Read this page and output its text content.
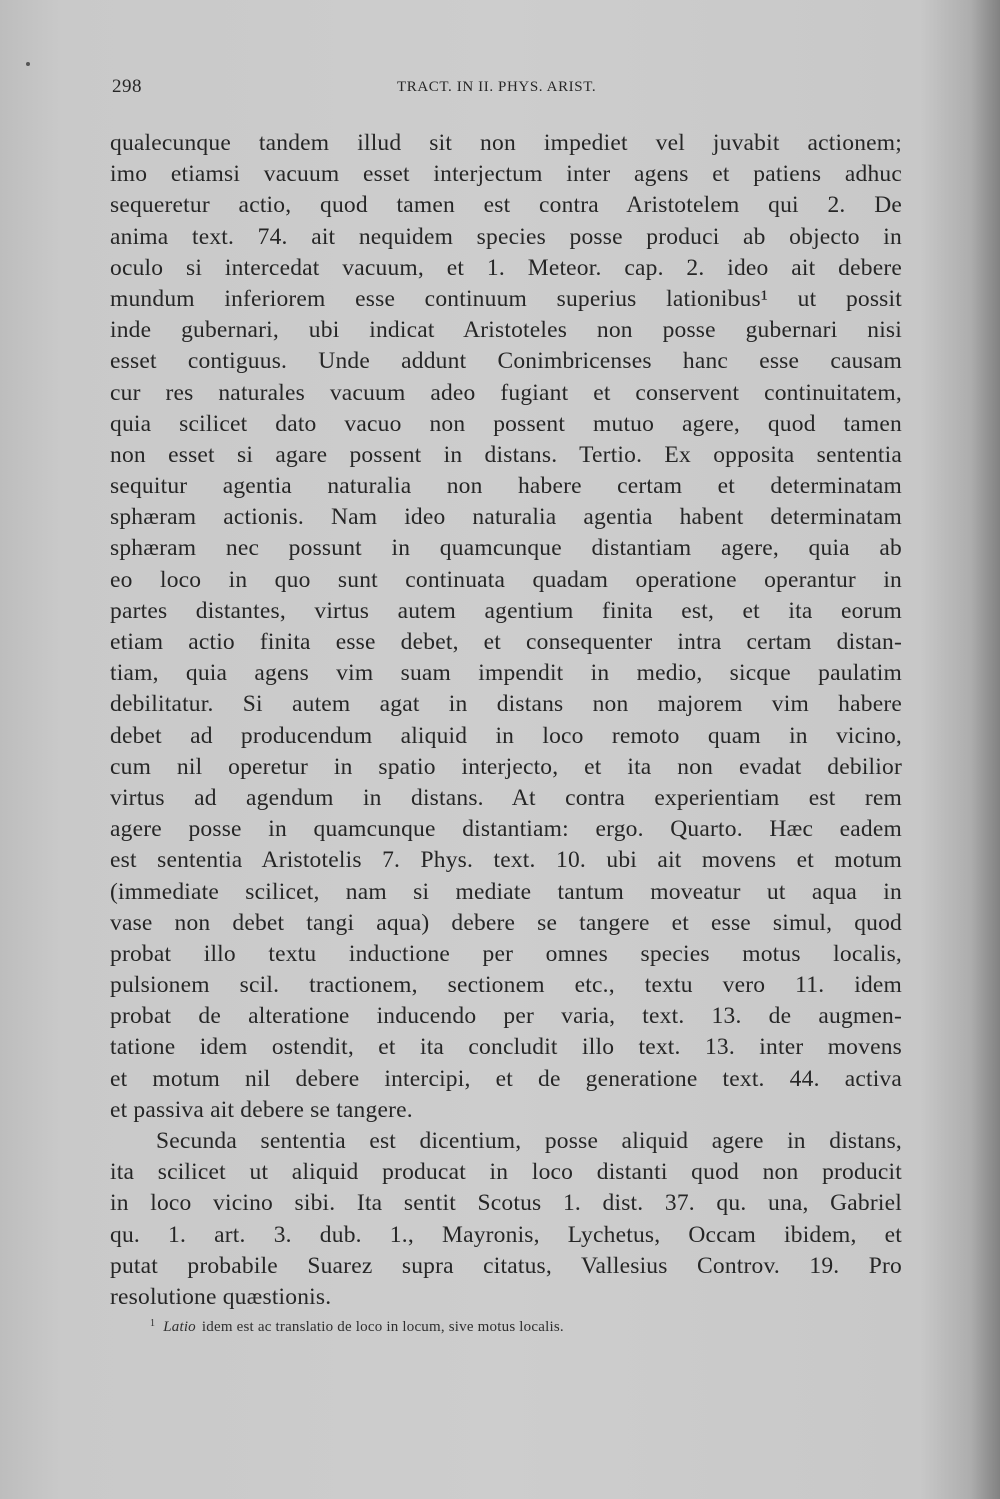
298	TRACT. IN II. PHYS. ARIST.
qualecunque tandem illud sit non impediet vel juvabit actionem;
imo etiamsi vacuum esset interjectum inter agens et patiens adhuc
sequeretur actio, quod tamen est contra Aristotelem qui 2. De
anima text. 74. ait nequidem species posse produci ab objecto in
oculo si intercedat vacuum, et 1. Meteor. cap. 2. ideo ait debere
mundum inferiorem esse continuum superius lationibus¹ ut possit
inde gubernari, ubi indicat Aristoteles non posse gubernari nisi
esset contiguus. Unde addunt Conimbricenses hanc esse causam
cur res naturales vacuum adeo fugiant et conservent continuitatem,
quia scilicet dato vacuo non possent mutuo agere, quod tamen
non esset si agare possent in distans. Tertio. Ex opposita sententia
sequitur agentia naturalia non habere certam et determinatam
sphæram actionis. Nam ideo naturalia agentia habent determinatam
sphæram nec possunt in quamcunque distantiam agere, quia ab
eo loco in quo sunt continuata quadam operatione operantur in
partes distantes, virtus autem agentium finita est, et ita eorum
etiam actio finita esse debet, et consequenter intra certam distan-
tiam, quia agens vim suam impendit in medio, sicque paulatim
debilitatur. Si autem agat in distans non majorem vim habere
debet ad producendum aliquid in loco remoto quam in vicino,
cum nil operetur in spatio interjecto, et ita non evadat debilior
virtus ad agendum in distans. At contra experientiam est rem
agere posse in quamcunque distantiam: ergo. Quarto. Hæc eadem
est sententia Aristotelis 7. Phys. text. 10. ubi ait movens et motum
(immediate scilicet, nam si mediate tantum moveatur ut aqua in
vase non debet tangi aqua) debere se tangere et esse simul, quod
probat illo textu inductione per omnes species motus localis,
pulsionem scil. tractionem, sectionem etc., textu vero 11. idem
probat de alteratione inducendo per varia, text. 13. de augmen-
tatione idem ostendit, et ita concludit illo text. 13. inter movens
et motum nil debere intercipi, et de generatione text. 44. activa
et passiva ait debere se tangere.
Secunda sententia est dicentium, posse aliquid agere in distans,
ita scilicet ut aliquid producat in loco distanti quod non producit
in loco vicino sibi. Ita sentit Scotus 1. dist. 37. qu. una, Gabriel
qu. 1. art. 3. dub. 1., Mayronis, Lychetus, Occam ibidem, et
putat probabile Suarez supra citatus, Vallesius Controv. 19. Pro
resolutione quæstionis.
$^1$ Latio idem est ac translatio de loco in locum, sive motus localis.
